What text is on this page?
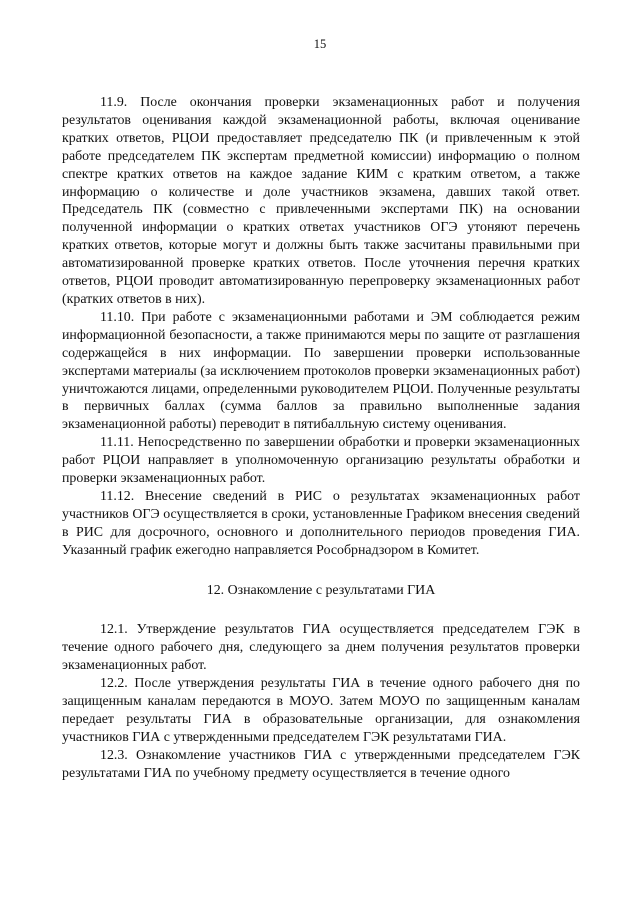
15

11.9. После окончания проверки экзаменационных работ и получения результатов оценивания каждой экзаменационной работы, включая оценивание кратких ответов, РЦОИ предоставляет председателю ПК (и привлеченным к этой работе председателем ПК экспертам предметной комиссии) информацию о полном спектре кратких ответов на каждое задание КИМ с кратким ответом, а также информацию о количестве и доле участников экзамена, давших такой ответ. Председатель ПК (совместно с привлеченными экспертами ПК) на основании полученной информации о кратких ответах участников ОГЭ утоняют перечень кратких ответов, которые могут и должны быть также засчитаны правильными при автоматизированной проверке кратких ответов. После уточнения перечня кратких ответов, РЦОИ проводит автоматизированную перепроверку экзаменационных работ (кратких ответов в них).

11.10. При работе с экзаменационными работами и ЭМ соблюдается режим информационной безопасности, а также принимаются меры по защите от разглашения содержащейся в них информации. По завершении проверки использованные экспертами материалы (за исключением протоколов проверки экзаменационных работ) уничтожаются лицами, определенными руководителем РЦОИ. Полученные результаты в первичных баллах (сумма баллов за правильно выполненные задания экзаменационной работы) переводит в пятибалльную систему оценивания.

11.11. Непосредственно по завершении обработки и проверки экзаменационных работ РЦОИ направляет в уполномоченную организацию результаты обработки и проверки экзаменационных работ.

11.12. Внесение сведений в РИС о результатах экзаменационных работ участников ОГЭ осуществляется в сроки, установленные Графиком внесения сведений в РИС для досрочного, основного и дополнительного периодов проведения ГИА. Указанный график ежегодно направляется Рособрнадзором в Комитет.

12. Ознакомление с результатами ГИА

12.1. Утверждение результатов ГИА осуществляется председателем ГЭК в течение одного рабочего дня, следующего за днем получения результатов проверки экзаменационных работ.

12.2. После утверждения результаты ГИА в течение одного рабочего дня по защищенным каналам передаются в МОУО. Затем МОУО по защищенным каналам передает результаты ГИА в образовательные организации, для ознакомления участников ГИА с утвержденными председателем ГЭК результатами ГИА.

12.3. Ознакомление участников ГИА с утвержденными председателем ГЭК результатами ГИА по учебному предмету осуществляется в течение одного
